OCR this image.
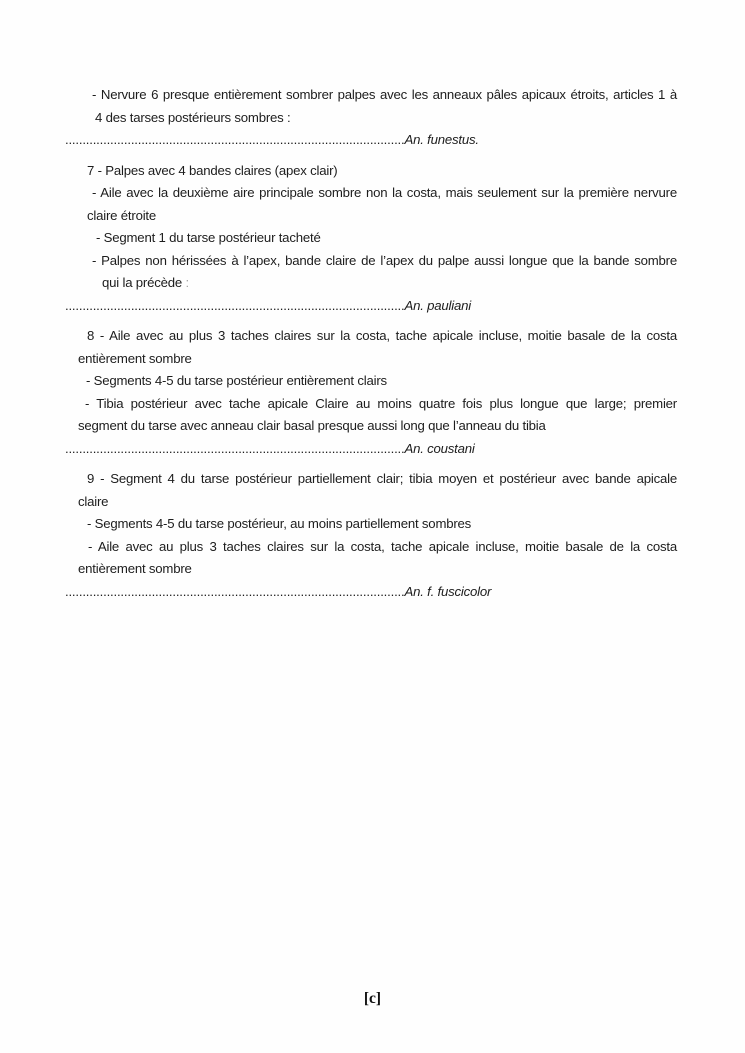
- Nervure 6 presque entièrement sombrer palpes avec les anneaux pâles apicaux étroits, articles 1 à
4 des tarses postérieurs sombres :
..................................................................................................An. funestus.
7 - Palpes avec 4 bandes claires (apex clair)
- Aile avec la deuxième aire principale sombre non la costa, mais seulement sur la première nervure
claire étroite
- Segment 1 du tarse postérieur tacheté
- Palpes non hérissées à l’apex, bande claire de l’apex du palpe aussi longue que la bande sombre
qui la précède :
..................................................................................................An. pauliani
8 - Aile avec au plus 3 taches claires sur la costa, tache apicale incluse, moitie basale de la costa
entièrement sombre
- Segments 4-5 du tarse postérieur entièrement clairs
- Tibia postérieur avec tache apicale Claire au moins quatre fois plus longue que large; premier
segment du tarse avec anneau clair basal presque aussi long que l’anneau du tibia
..................................................................................................An. coustani
9 - Segment 4 du tarse postérieur partiellement clair; tibia moyen et postérieur avec bande apicale
claire
- Segments 4-5 du tarse postérieur, au moins partiellement sombres
- Aile avec au plus 3 taches claires sur la costa, tache apicale incluse, moitie basale de la costa
entièrement sombre
..................................................................................................An. f. fuscicolor
[c]
